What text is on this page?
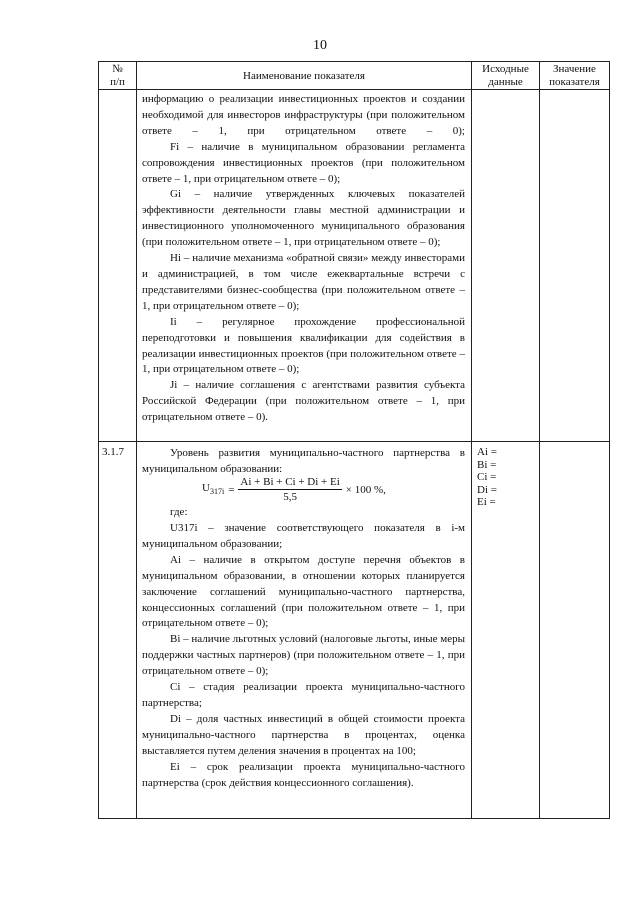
10
№
п/п	Наименование показателя
Исходные
данные
Значение
показателя

информацию о реализации инвестиционных проектов и создании необходимой для инвесторов инфраструктуры (при положительном ответе – 1, при отрицательном ответе – 0);

Fi – наличие в муниципальном образовании регламента сопровождения инвестиционных проектов (при положительном ответе – 1, при отрицательном ответе – 0);

Gi – наличие утвержденных ключевых показателей эффективности деятельности главы местной администрации и инвестиционного уполномоченного муниципального образования (при положительном ответе – 1, при отрицательном ответе – 0);

Hi – наличие механизма «обратной связи» между инвесторами и администрацией, в том числе ежеквартальные встречи с представителями бизнес-сообщества (при положительном ответе – 1, при отрицательном ответе – 0);

Ii – регулярное прохождение профессиональной переподготовки и повышения квалификации для содействия в реализации инвестиционных проектов (при положительном ответе – 1, при отрицательном ответе – 0);

Ji – наличие соглашения с агентствами развития субъекта Российской Федерации (при положительном ответе – 1, при отрицательном ответе – 0).

3.1.7	Уровень развития муниципально-частного партнерства в муниципальном образовании:

$U_{317i} = \frac{Ai + Bi + Ci + Di + Ei}{5,5} \times 100$ %,

где:

U317i – значение соответствующего показателя в i-м муниципальном образовании;

Ai – наличие в открытом доступе перечня объектов в муниципальном образовании, в отношении которых планируется заключение соглашений муниципально-частного партнерства, концессионных соглашений (при положительном ответе – 1, при отрицательном ответе – 0);

Bi – наличие льготных условий (налоговые льготы, иные меры поддержки частных партнеров) (при положительном ответе – 1, при отрицательном ответе – 0);

Ci – стадия реализации проекта муниципально-частного партнерства;

Di – доля частных инвестиций в общей стоимости проекта муниципально-частного партнерства в процентах, оценка выставляется путем деления значения в процентах на 100;

Ei – срок реализации проекта муниципально-частного партнерства (срок действия концессионного соглашения).

Ai =
Bi =
Ci =
Di =
Ei =
